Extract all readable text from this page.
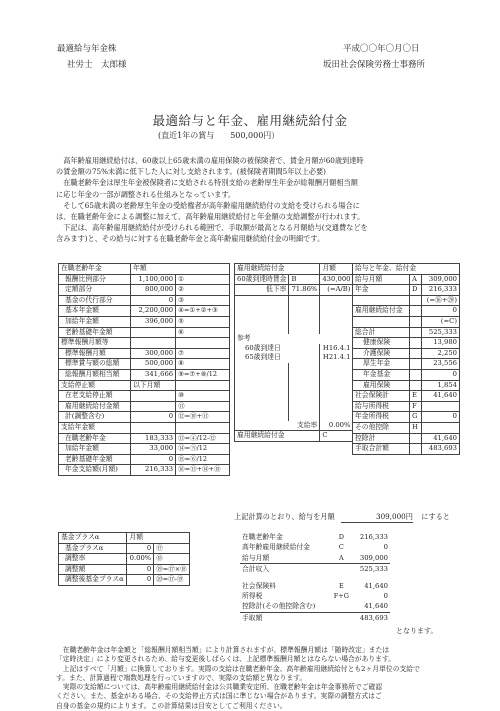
最適給与年金株
社労士　太郎様
平成〇〇年〇月〇日
坂田社会保険労務士事務所
最適給与と年金、雇用継続給付金
(直近1年の賞与　　500,000円）
　高年齢雇用継続給付は、60歳以上65歳未満の雇用保険の被保険者で、賃金月額が60歳到達時
の賃金額の75%未満に低下した人に対し支給されます。(被保険者期間5年以上必要)
　在職老齢年金は厚生年金被保険者に支給される特別支給の老齢厚生年金が総報酬月額相当額
に応じ年金の一部が調整される仕組みとなっています。
　そして65歳未満の老齢厚生年金の受給権者が高年齢雇用継続給付の支給を受けられる場合に
は、在職老齢年金による調整に加えて、高年齢雇用継続給付と年金額の支給調整が行われます。
　下記は、高年齢雇用継続給付が受けられる範囲で、手取額が最高となる月額給与(交通費などを
含みます)と、その給与に対する在職老齢年金と高年齢雇用継続給付金の明細です。
在職老齢年金	年額	
報酬比例部分	1,100,000	①
定額部分	800,000	②
基金の代行部分	0	③
基本年金額	2,200,000	④=①+②+③
加給年金額	396,000	⑤
老齢基礎年金額		⑥
標準報酬月額等		
標準報酬月額	300,000	⑦
標準賞与額の総額	500,000	⑧
総報酬月額相当額	341,666	⑨=⑦+⑧/12
支給停止額	以下月額	
在老支給停止額		⑩
雇用継続給付金額		⑪
計(調整含む)	0	⑫=⑩+⑪
支給年金額		
在職老齢年金	183,333	⑬=④/12-⑫
加給年金額	33,000	⑭=⑤/12
老齢基礎年金額	0	⑮=⑥/12
年金支給額(月額)	216,333	⑯=⑬+⑭+⑮
雇用継続給付金		月額
60歳到達時賃金	B	430,000
低下率	71.86%	(=A/B)

参考		
60歳到達日		H16.4.1
65歳到達日		H21.4.1

支給率		0.00%
雇用継続給付金		C
給与と年金、給付金		
給与月額	A	309,000
年金	D	216,333
		(=⑯+⑳)
雇用継続給付金		0
		(=C)
総合計		525,333
健康保険		13,980
介護保険		2,250
厚生年金		23,556
年金基金		0
雇用保険		1,854
社会保険計	E	41,640
給与所得税	F	
年金所得税	G	0
その他控除	H	
控除計		41,640
手取合計額		483,693
上記計算のとおり、給与を月額	309,000円 にすると
基金プラスα	月額	
基金プラスα	0	⑰
調整率	0.00%	⑱
調整額	0	⑲=⑰×⑱
調整後基金プラスα	0	⑳=⑰-⑲
在職老齢年金	D	216,333
高年齢雇用継続給付金	C	0
給与月額	A	309,000
合計収入		525,333
社会保険料	E	41,640
所得税	F+G	0
控除計(その他控除含む)		41,640
手取額		483,693
となります。
　在職老齢年金は年金額と「総報酬月額相当額」により計算されますが、標準報酬月額は「随時改定」または
「定時決定」により変更されるため、給与変更後しばらくは、上記標準報酬月額とはならない場合があります。
　上記はすべて「月額」に換算しております。実際の支給は在職老齢年金、高年齢雇用継続給付とも2ヶ月単位の支給で
す。また、計算過程で端数処理を行っていますので、実際の支給額と異なります。
　実際の支給額については、高年齢雇用継続給付金は公共職業安定所、在職老齢年金は年金事務所でご確認
ください。また、基金がある場合、その支給停止方式は国に準じない場合があります。実際の調整方式はご
自身の基金の規約によります。この計算結果は目安としてご利用ください。
